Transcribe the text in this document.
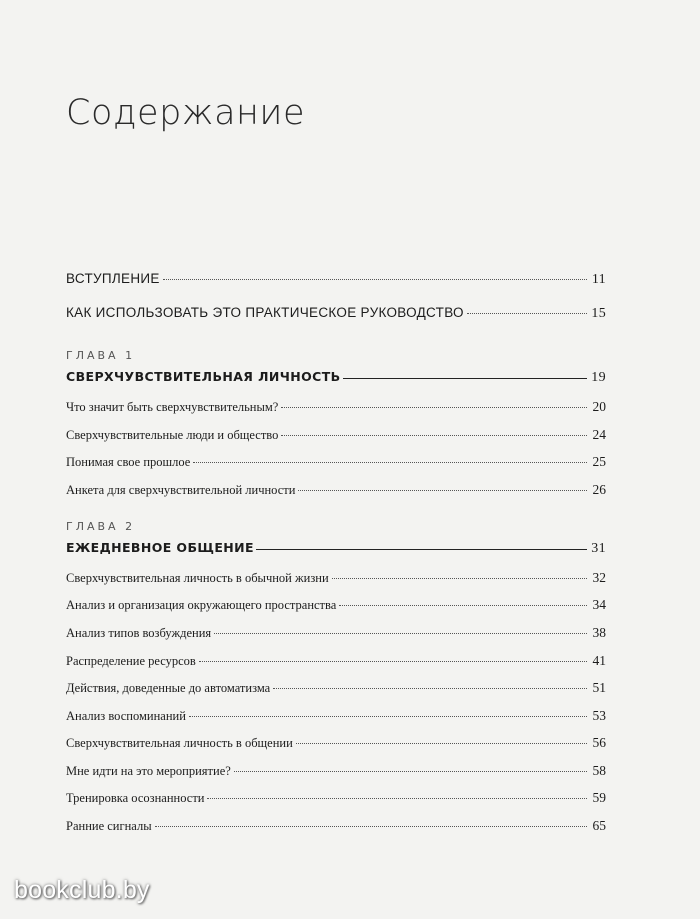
Содержание
ВСТУПЛЕНИЕ	11
КАК ИСПОЛЬЗОВАТЬ ЭТО ПРАКТИЧЕСКОЕ РУКОВОДСТВО	15
ГЛАВА 1
СВЕРХЧУВСТВИТЕЛЬНАЯ ЛИЧНОСТЬ	19
Что значит быть сверхчувствительным?	20
Сверхчувствительные люди и общество	24
Понимая свое прошлое	25
Анкета для сверхчувствительной личности	26
ГЛАВА 2
ЕЖЕДНЕВНОЕ ОБЩЕНИЕ	31
Сверхчувствительная личность в обычной жизни	32
Анализ и организация окружающего пространства	34
Анализ типов возбуждения	38
Распределение ресурсов	41
Действия, доведенные до автоматизма	51
Анализ воспоминаний	53
Сверхчувствительная личность в общении	56
Мне идти на это мероприятие?	58
Тренировка осознанности	59
Ранние сигналы	65
bookclub.by
